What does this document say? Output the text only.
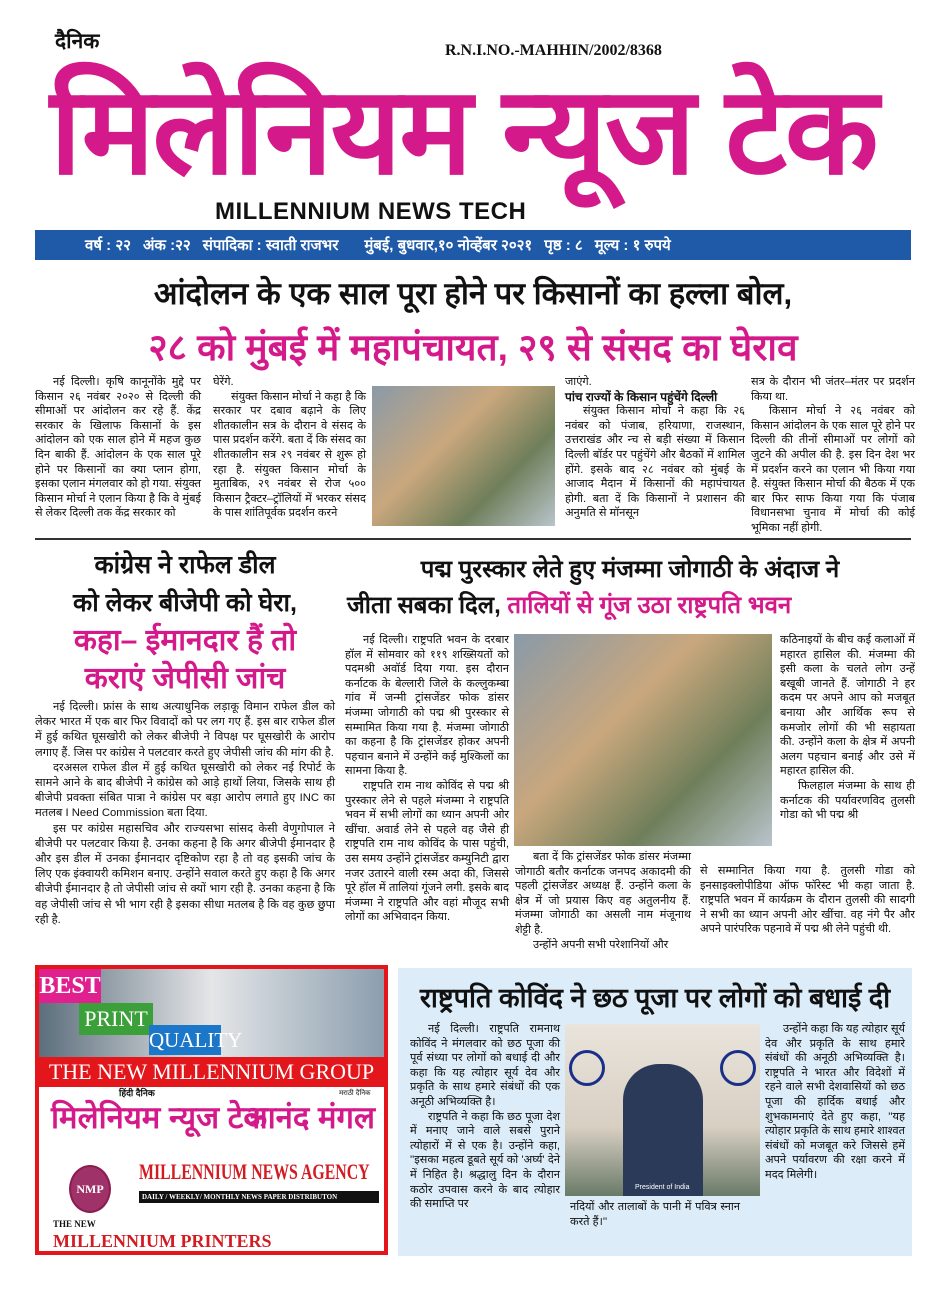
दैनिक	R.N.I.NO.-MAHHIN/2002/8368
मिलेनियम न्यूज टेक
MILLENNIUM NEWS TECH
वर्ष : २२ अंक :२२ संपादिका : स्वाती राजभर मुंबई, बुधवार,१० नोव्हेंबर २०२१ पृष्ठ : ८ मूल्य : १ रुपये
आंदोलन के एक साल पूरा होने पर किसानों का हल्ला बोल,
२८ को मुंबई में महापंचायत, २९ से संसद का घेराव

नई दिल्ली। कृषि कानूनोंके मुद्दे पर किसान २६ नवंबर २०२० से दिल्ली की सीमाओं पर आंदोलन कर रहे हैं. केंद्र सरकार के खिलाफ किसानों के इस आंदोलन को एक साल होने में महज कुछ दिन बाकी हैं. आंदोलन के एक साल पूरे होने पर किसानों का क्या प्लान होगा, इसका एलान मंगलवार को हो गया. संयुक्त किसान मोर्चा ने एलान किया है कि वे मुंबई से लेकर दिल्ली तक केंद्र सरकार को

घेरेंगे.

संयुक्त किसान मोर्चा ने कहा है कि सरकार पर दबाव बढ़ाने के लिए शीतकालीन सत्र के दौरान वे संसद के पास प्रदर्शन करेंगे. बता दें कि संसद का शीतकालीन सत्र २९ नवंबर से शुरू हो रहा है. संयुक्त किसान मोर्चा के मुताबिक, २९ नवंबर से रोज ५०० किसान ट्रैक्टर–ट्रॉलियों में भरकर संसद के पास शांतिपूर्वक प्रदर्शन करने

जाएंगे.

पांच राज्यों के किसान पहुंचेंगे दिल्ली

संयुक्त किसान मोर्चा ने कहा कि २६ नवंबर को पंजाब, हरियाणा, राजस्थान, उत्तराखंड और न्च से बड़ी संख्या में किसान दिल्ली बॉर्डर पर पहुंचेंगे और बैठकों में शामिल होंगे. इसके बाद २८ नवंबर को मुंबई के आजाद मैदान में किसानों की महापंचायत होगी. बता दें कि किसानों ने प्रशासन की अनुमति से मॉनसून

सत्र के दौरान भी जंतर–मंतर पर प्रदर्शन किया था.

किसान मोर्चा ने २६ नवंबर को किसान आंदोलन के एक साल पूरे होने पर दिल्ली की तीनों सीमाओं पर लोगों को जुटने की अपील की है. इस दिन देश भर में प्रदर्शन करने का एलान भी किया गया है. संयुक्त किसान मोर्चा की बैठक में एक बार फिर साफ किया गया कि पंजाब विधानसभा चुनाव में मोर्चा की कोई भूमिका नहीं होगी.

कांग्रेस ने राफेल डील
को लेकर बीजेपी को घेरा,
कहा– ईमानदार हैं तो
कराएं जेपीसी जांच

नई दिल्ली। फ्रांस के साथ अत्याधुनिक लड़ाकू विमान राफेल डील को लेकर भारत में एक बार फिर विवादों को पर लग गए हैं. इस बार राफेल डील में हुई कथित घूसखोरी को लेकर बीजेपी ने विपक्ष पर घूसखोरी के आरोप लगाए हैं. जिस पर कांग्रेस ने पलटवार करते हुए जेपीसी जांच की मांग की है.

दरअसल राफेल डील में हुई कथित घूसखोरी को लेकर नई रिपोर्ट के सामने आने के बाद बीजेपी ने कांग्रेस को आड़े हाथों लिया, जिसके साथ ही बीजेपी प्रवक्ता संबित पात्रा ने कांग्रेस पर बड़ा आरोप लगाते हुए INC का मतलब I Need Commission बता दिया.

इस पर कांग्रेस महासचिव और राज्यसभा सांसद केसी वेणुगोपाल ने बीजेपी पर पलटवार किया है. उनका कहना है कि अगर बीजेपी ईमानदार है और इस डील में उनका ईमानदार दृष्टिकोण रहा है तो वह इसकी जांच के लिए एक इंक्वायरी कमिशन बनाए. उन्होंने सवाल करते हुए कहा है कि अगर बीजेपी ईमानदार है तो जेपीसी जांच से क्यों भाग रही है. उनका कहना है कि वह जेपीसी जांच से भी भाग रही है इसका सीधा मतलब है कि वह कुछ छुपा रही है.

पद्म पुरस्कार लेते हुए मंजम्मा जोगाठी के अंदाज ने
जीता सबका दिल, तालियों से गूंज उठा राष्ट्रपति भवन

नई दिल्ली। राष्ट्रपति भवन के दरबार हॉल में सोमवार को ११९ शख्सियतों को पदमश्री अवॉर्ड दिया गया. इस दौरान कर्नाटक के बेल्लारी जिले के कल्लुकम्बा गांव में जन्मी ट्रांसजेंडर फोक डांसर मंजम्मा जोगाठी को पद्म श्री पुरस्कार से सम्मामित किया गया है. मंजम्मा जोगाठी का कहना है कि ट्रांसजेंडर होकर अपनी पहचान बनाने में उन्होंने कई मुश्किलों का सामना किया है.

राष्ट्रपति राम नाथ कोविंद से पद्म श्री पुरस्कार लेने से पहले मंजम्मा ने राष्ट्रपति भवन में सभी लोगों का ध्यान अपनी ओर खींचा. अवार्ड लेने से पहले वह जैसे ही राष्ट्रपति राम नाथ कोविंद के पास पहुंची, उस समय उन्होंने ट्रांसजेंडर कम्युनिटी द्वारा नजर उतारने वाली रस्म अदा की, जिससे पूरे हॉल में तालियां गूंजने लगी. इसके बाद मंजम्मा ने राष्ट्रपति और वहां मौजूद सभी लोगों का अभिवादन किया.

कठिनाइयों के बीच कई कलाओं में महारत हासिल की. मंजम्मा की इसी कला के चलते लोग उन्हें बखूबी जानते हैं. जोगाठी ने हर कदम पर अपने आप को मजबूत बनाया और आर्थिक रूप से कमजोर लोगों की भी सहायता की. उन्होंने कला के क्षेत्र में अपनी अलग पहचान बनाई और उसे में महारत हासिल की.

फिलहाल मंजम्मा के साथ ही कर्नाटक की पर्यावरणविद तुलसी गोडा को भी पद्म श्री

बता दें कि ट्रांसजेंडर फोक डांसर मंजम्मा जोगाठी बतौर कर्नाटक जनपद अकादमी की पहली ट्रांसजेंडर अध्यक्ष हैं. उन्होंने कला के क्षेत्र में जो प्रयास किए वह अतुलनीय हैं. मंजम्मा जोगाठी का असली नाम मंजूनाथ शेट्टी है.

उन्होंने अपनी सभी परेशानियों और

से सम्मानित किया गया है. तुलसी गोडा को इनसाइक्लोपीडिया ऑफ फॉरेस्ट भी कहा जाता है. राष्ट्रपति भवन में कार्यक्रम के दौरान तुलसी की सादगी ने सभी का ध्यान अपनी ओर खींचा. वह नंगे पैर और अपने पारंपरिक पहनावे में पद्म श्री लेने पहुंची थी.

BEST
PRINT
QUALITY
THE NEW MILLENNIUM GROUP
हिंदी दैनिक
मिलेनियम न्यूज टेक
मराठी दैनिक
आनंद मंगल
NMP
MILLENNIUM NEWS AGENCY
DAILY / WEEKLY/ MONTHLY NEWS PAPER DISTRIBUTON
THE NEW
MILLENNIUM PRINTERS
राष्ट्रपति कोविंद ने छठ पूजा पर लोगों को बधाई दी

नई दिल्ली। राष्ट्रपति रामनाथ कोविंद ने मंगलवार को छठ पूजा की पूर्व संध्या पर लोगों को बधाई दी और कहा कि यह त्योहार सूर्य देव और प्रकृति के साथ हमारे संबंधों की एक अनूठी अभिव्यक्ति है।

राष्ट्रपति ने कहा कि छठ पूजा देश में मनाए जाने वाले सबसे पुराने त्योहारों में से एक है। उन्होंने कहा, ''इसका महत्व डूबते सूर्य को 'अर्घ्य' देने में निहित है। श्रद्धालु दिन के दौरान कठोर उपवास करने के बाद त्योहार की समाप्ति पर

President of India

नदियों और तालाबों के पानी में पवित्र स्नान करते हैं।''

उन्होंने कहा कि यह त्योहार सूर्य देव और प्रकृति के साथ हमारे संबंधों की अनूठी अभिव्यक्ति है। राष्ट्रपति ने भारत और विदेशों में रहने वाले सभी देशवासियों को छठ पूजा की हार्दिक बधाई और शुभकामनाएं देते हुए कहा, ''यह त्योहार प्रकृति के साथ हमारे शाश्वत संबंधों को मजबूत करे जिससे हमें अपने पर्यावरण की रक्षा करने में मदद मिलेगी।
